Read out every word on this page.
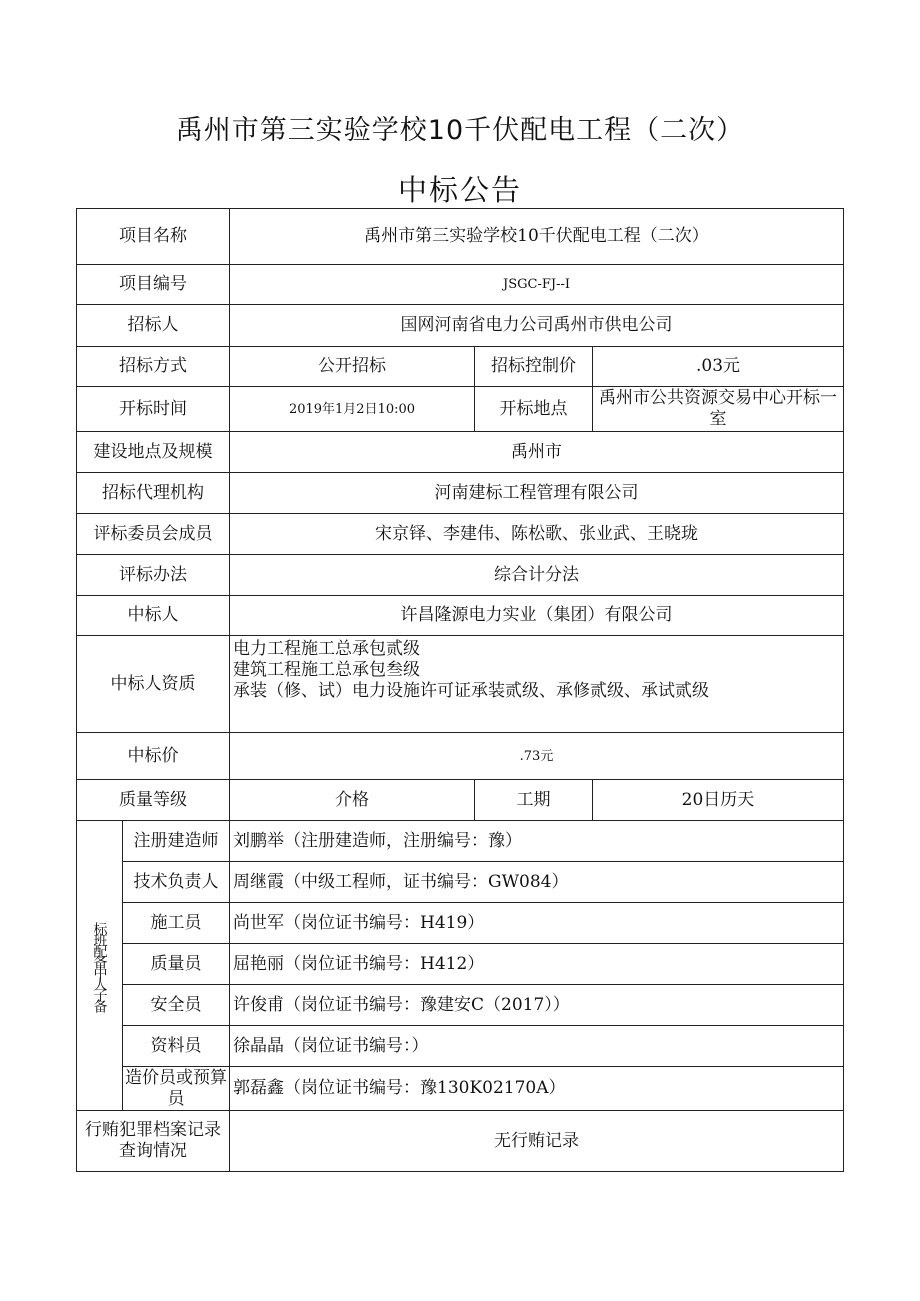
禹州市第三实验学校10千伏配电工程（二次）
中标公告
项目名称		禹州市第三实验学校10千伏配电工程（二次）		
项目编号		JSGC-FJ--I		
招标人		国网河南省电力公司禹州市供电公司		
招标方式		公开招标	招标控制价	.03元
开标时间		2019年1月2日10:00	开标地点	禹州市公共资源交易中心开标一室
建设地点及规模		禹州市		
招标代理机构		河南建标工程管理有限公司		
评标委员会成员		宋京铎、李建伟、陈松歌、张业武、王晓珑		
评标办法		综合计分法		
中标人		许昌隆源电力实业（集团）有限公司		
中标人资质		电力工程施工总承包贰级
建筑工程施工总承包叁级
承装（修、试）电力设施许可证承装贰级、承修贰级、承试贰级		

中标价		.73元		
质量等级		介格	工期	20日历天
标班配备中人子备	注册建造师	刘鹏举（注册建造师，注册编号：豫）		
	技术负责人	周继霞（中级工程师，证书编号：GW084）		
	施工员	尚世军（岗位证书编号：H419）		
	质量员	屈艳丽（岗位证书编号：H412）		
	安全员	许俊甫（岗位证书编号：豫建安C（2017））		
	资料员	徐晶晶（岗位证书编号：）		
	造价员或预算员	郭磊鑫（岗位证书编号：豫130K02170A）		
行贿犯罪档案记录查询情况		无行贿记录		
